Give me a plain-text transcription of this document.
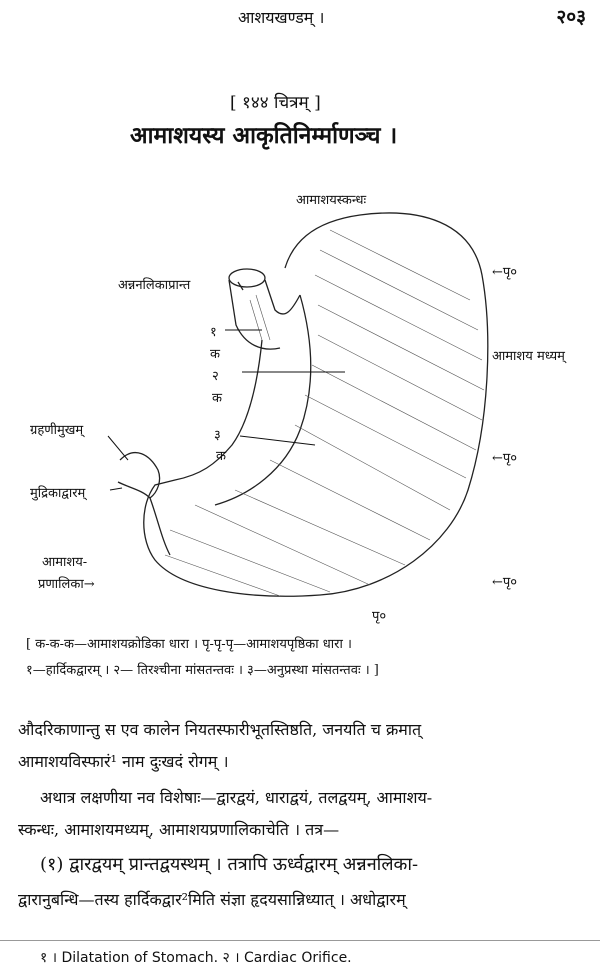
आशयखण्डम् ।	२०३
[ १४४ चित्रम् ]
आमाशयस्य आकृतिनिर्म्माणञ्च ।
आमाशयस्कन्धः
अन्ननलिकाप्रान्त
१
क
२
क
३
क
ग्रहणीमुखम्
मुद्रिकाद्वारम्
आमाशय-
प्रणालिका→
←पृ०
आमाशय मध्यम्
←पृ०
←पृ०
पृ०
[ क-क-क—आमाशयक्रोडिका धारा । पृ-पृ-पृ—आमाशयपृष्ठिका धारा ।
१—हार्दिकद्वारम् । २— तिरश्चीना मांसतन्तवः । ३—अनुप्रस्था मांसतन्तवः । ]
औदरिकाणान्तु स एव कालेन नियतस्फारीभूतस्तिष्ठति, जनयति च क्रमात्
आमाशयविस्फारं¹ नाम दुःखदं रोगम् ।
अथात्र लक्षणीया नव विशेषाः—द्वारद्वयं, धाराद्वयं, तलद्वयम्, आमाशय-
स्कन्धः, आमाशयमध्यम्, आमाशयप्रणालिकाचेति । तत्र—
(१) द्वारद्वयम् प्रान्तद्वयस्थम् । तत्रापि ऊर्ध्वद्वारम् अन्ननलिका-
द्वारानुबन्धि—तस्य हार्दिकद्वार²मिति संज्ञा हृदयसान्निध्यात् । अधोद्वारम्
१ । Dilatation of Stomach. २ । Cardiac Orifice.
